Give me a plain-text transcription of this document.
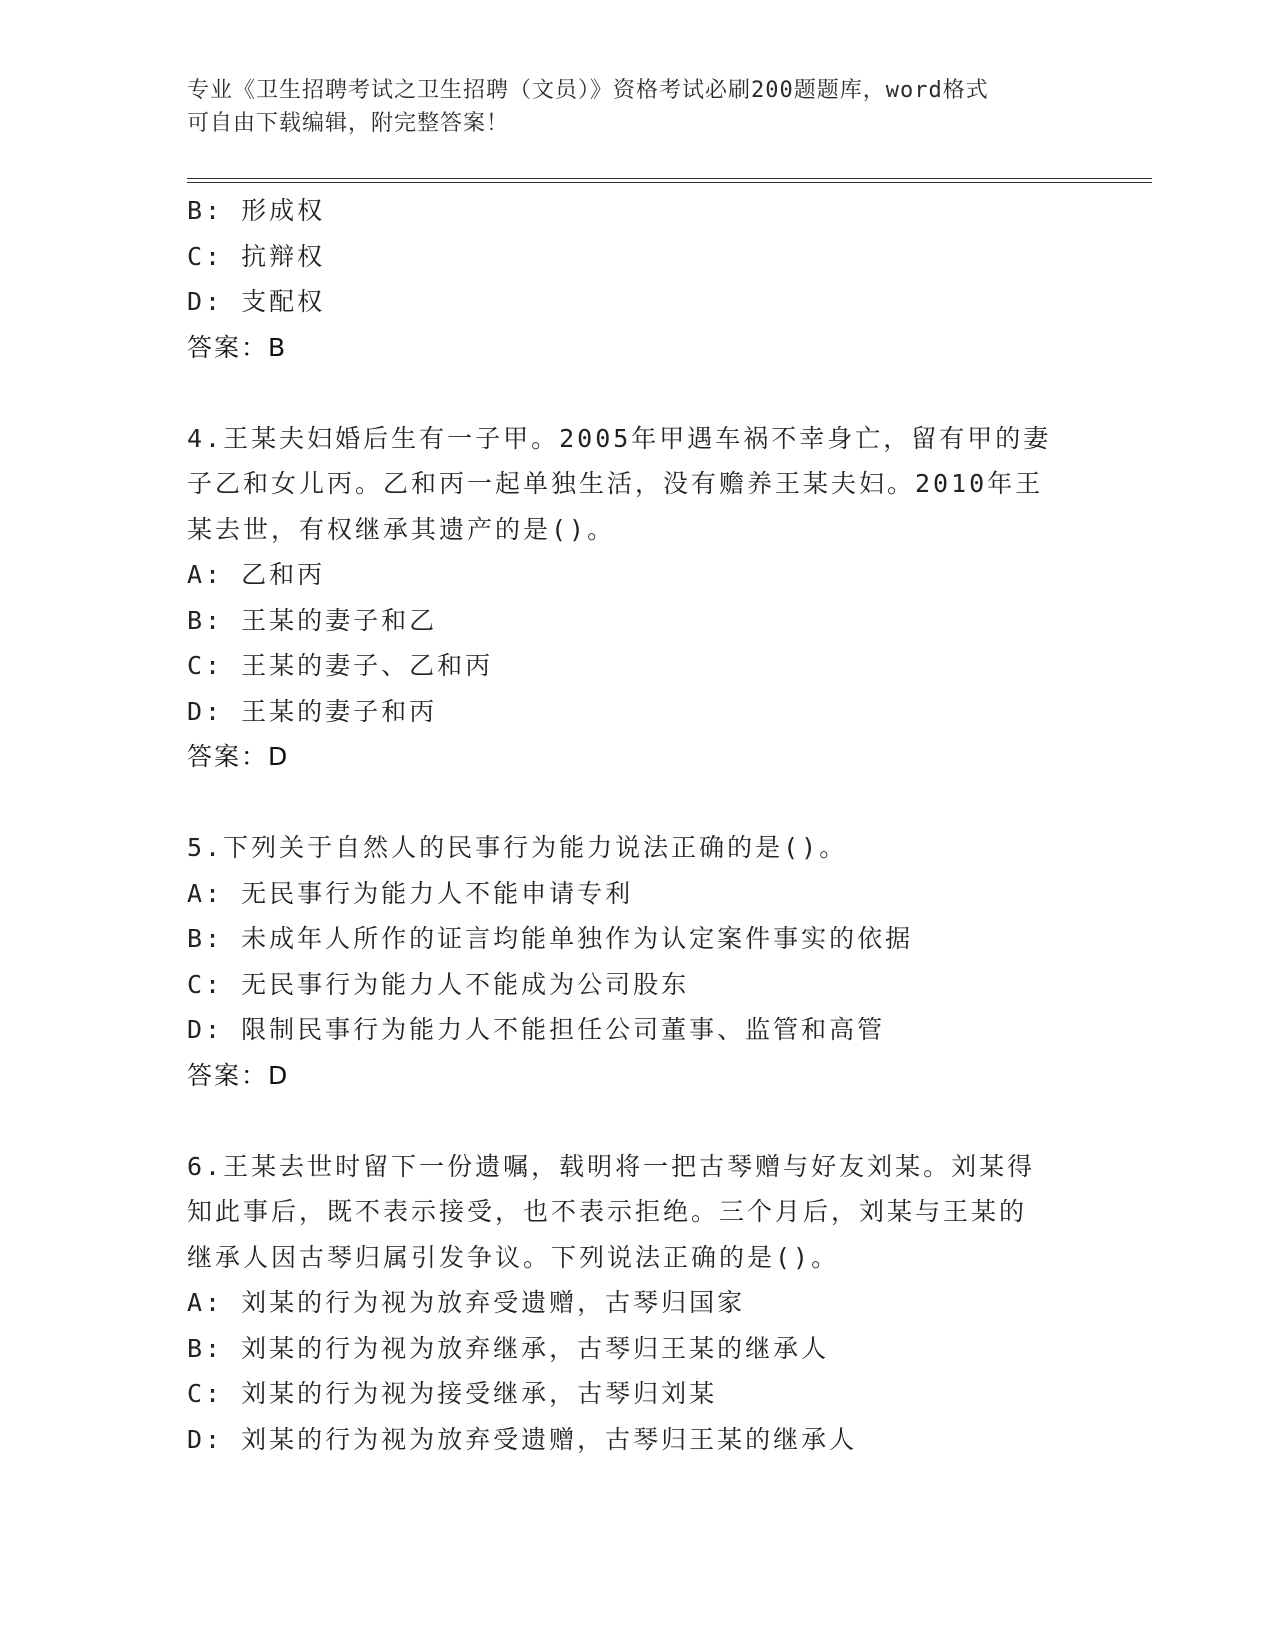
专业《卫生招聘考试之卫生招聘（文员）》资格考试必刷200题题库，word格式
可自由下载编辑，附完整答案！
B: 形成权
C: 抗辩权
D: 支配权
答案：B
4.王某夫妇婚后生有一子甲。2005年甲遇车祸不幸身亡，留有甲的妻
子乙和女儿丙。乙和丙一起单独生活，没有赡养王某夫妇。2010年王
某去世，有权继承其遗产的是()。
A: 乙和丙
B: 王某的妻子和乙
C: 王某的妻子、乙和丙
D: 王某的妻子和丙
答案：D
5.下列关于自然人的民事行为能力说法正确的是()。
A: 无民事行为能力人不能申请专利
B: 未成年人所作的证言均能单独作为认定案件事实的依据
C: 无民事行为能力人不能成为公司股东
D: 限制民事行为能力人不能担任公司董事、监管和高管
答案：D
6.王某去世时留下一份遗嘱，载明将一把古琴赠与好友刘某。刘某得
知此事后，既不表示接受，也不表示拒绝。三个月后，刘某与王某的
继承人因古琴归属引发争议。下列说法正确的是()。
A: 刘某的行为视为放弃受遗赠，古琴归国家
B: 刘某的行为视为放弃继承，古琴归王某的继承人
C: 刘某的行为视为接受继承，古琴归刘某
D: 刘某的行为视为放弃受遗赠，古琴归王某的继承人
